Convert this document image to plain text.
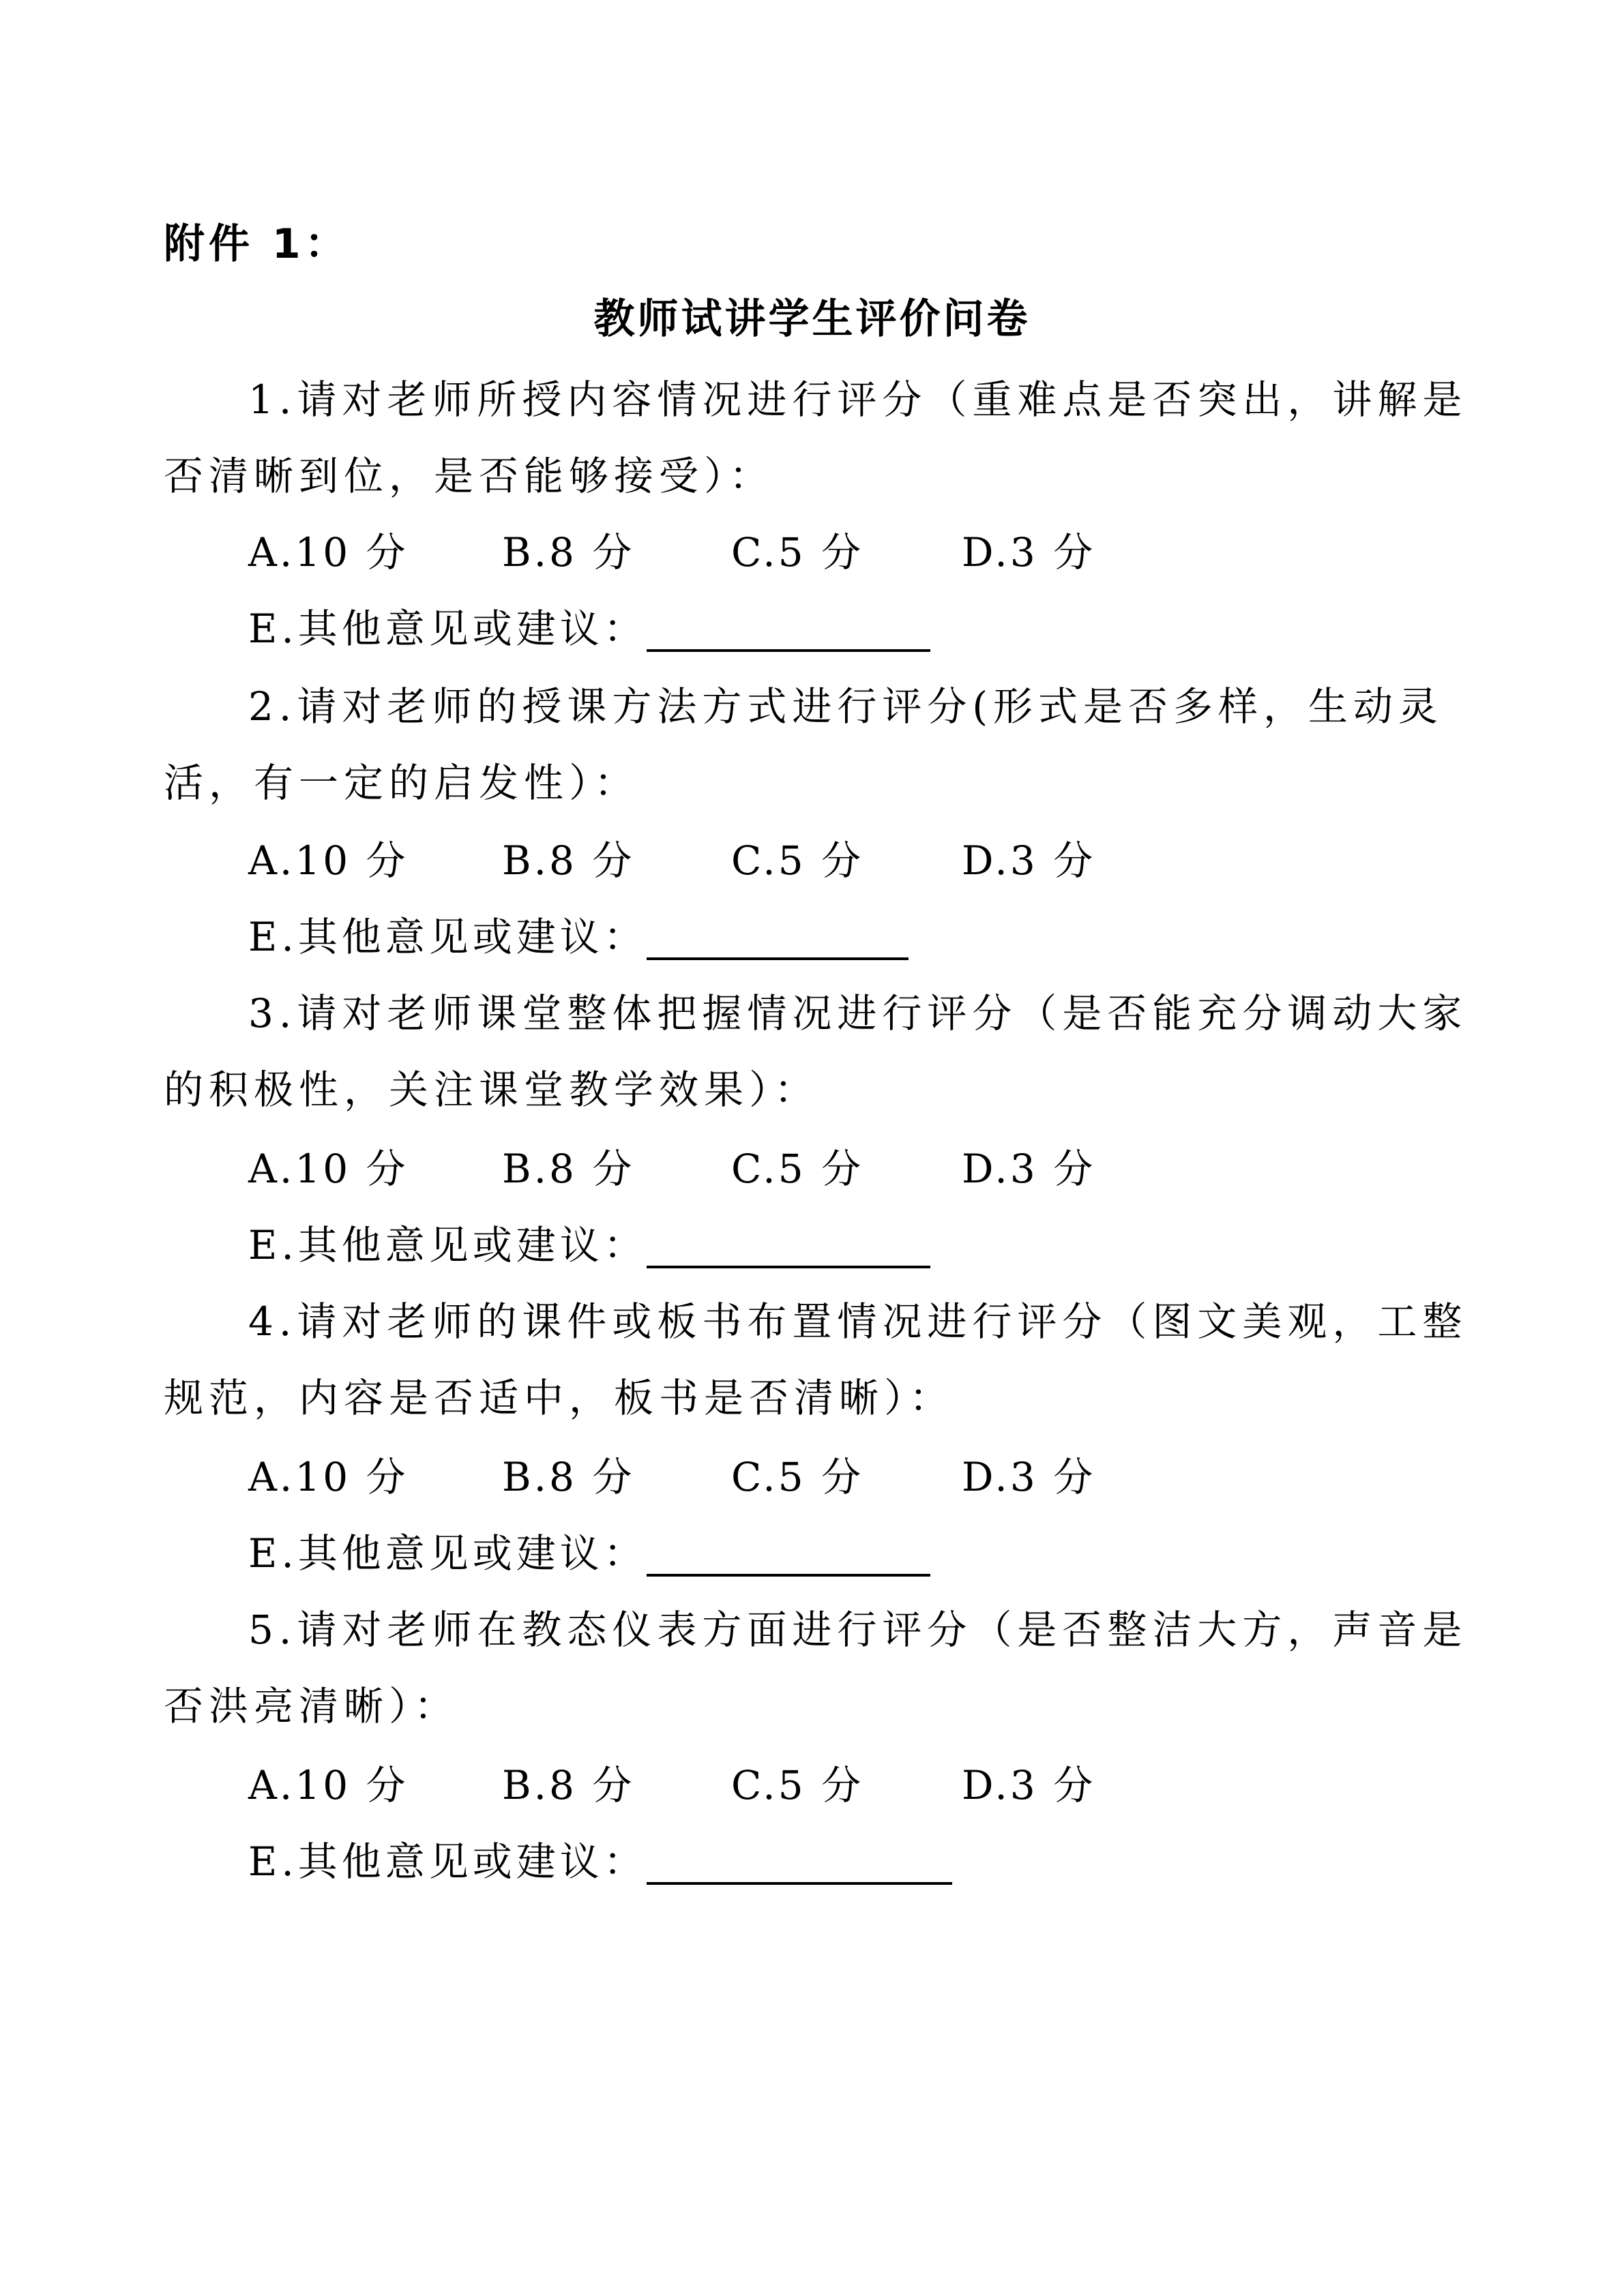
附件 1：
教师试讲学生评价问卷
1.请对老师所授内容情况进行评分（重难点是否突出，讲解是否清晰到位，是否能够接受）：
A.10 分 B.8 分 C.5 分 D.3 分
E.其他意见或建议：
2.请对老师的授课方法方式进行评分(形式是否多样，生动灵活，有一定的启发性）：
A.10 分 B.8 分 C.5 分 D.3 分
E.其他意见或建议：
3.请对老师课堂整体把握情况进行评分（是否能充分调动大家的积极性，关注课堂教学效果）：
A.10 分 B.8 分 C.5 分 D.3 分
E.其他意见或建议：
4.请对老师的课件或板书布置情况进行评分（图文美观，工整规范，内容是否适中，板书是否清晰）：
A.10 分 B.8 分 C.5 分 D.3 分
E.其他意见或建议：
5.请对老师在教态仪表方面进行评分（是否整洁大方，声音是否洪亮清晰）：
A.10 分 B.8 分 C.5 分 D.3 分
E.其他意见或建议：
